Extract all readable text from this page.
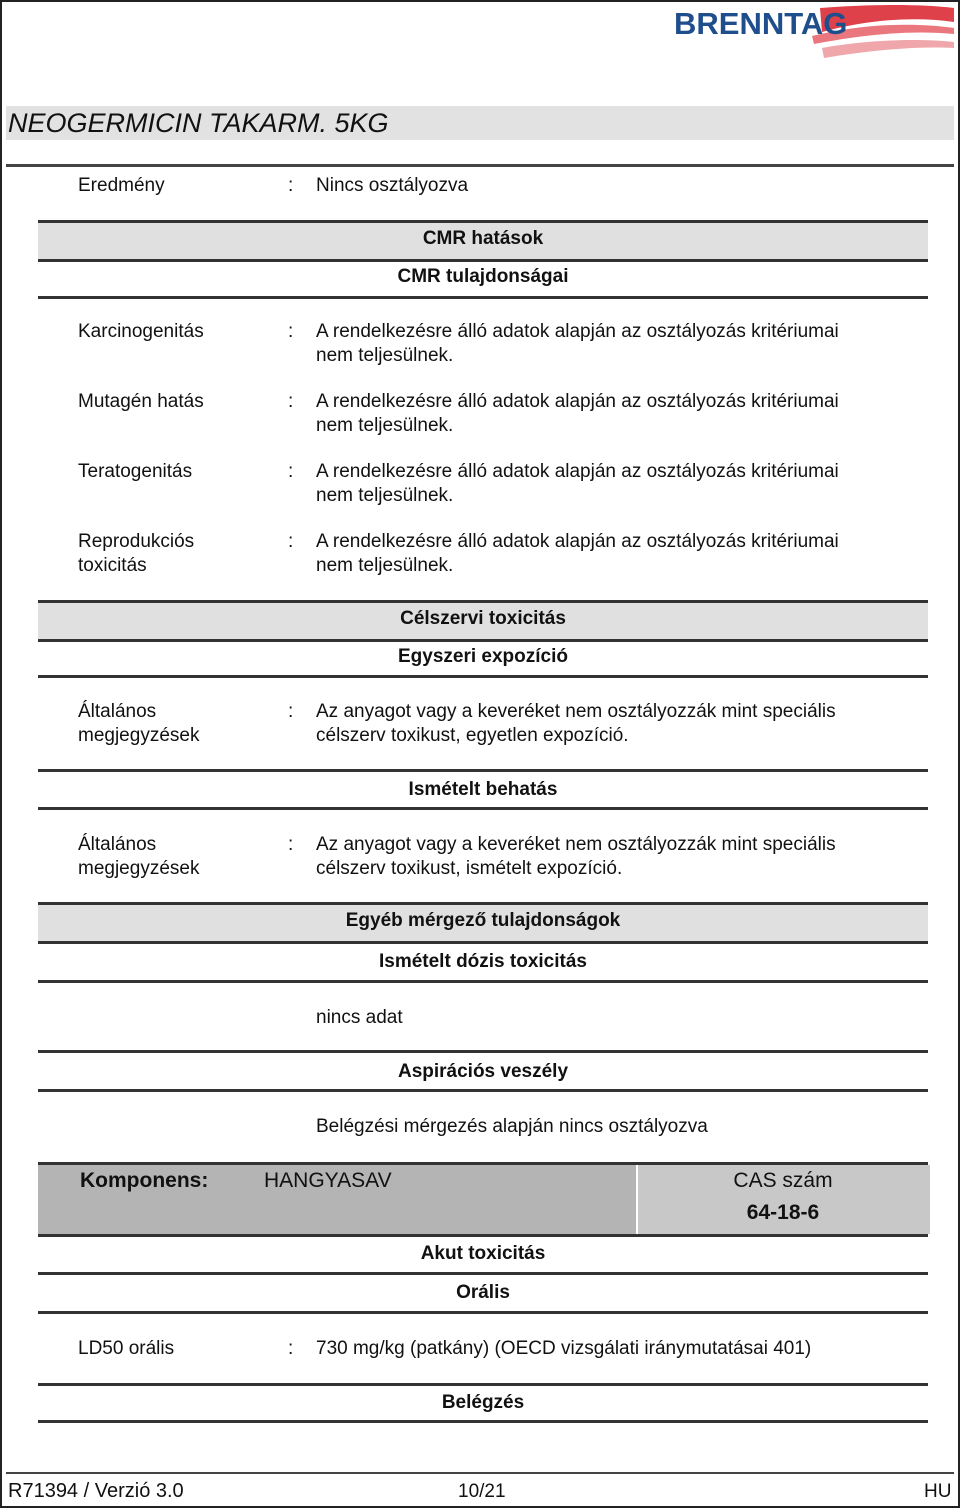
BRENNTAG
NEOGERMICIN TAKARM. 5KG
Eredmény	: Nincs osztályozva
CMR hatások
CMR tulajdonságai
Karcinogenitás	: A rendelkezésre álló adatok alapján az osztályozás kritériumai
nem teljesülnek.
Mutagén hatás	: A rendelkezésre álló adatok alapján az osztályozás kritériumai
nem teljesülnek.
Teratogenitás	: A rendelkezésre álló adatok alapján az osztályozás kritériumai
nem teljesülnek.
Reprodukciós
toxicitás
: A rendelkezésre álló adatok alapján az osztályozás kritériumai
nem teljesülnek.
Célszervi toxicitás
Egyszeri expozíció
Általános
megjegyzések
: Az anyagot vagy a keveréket nem osztályozzák mint speciális
célszerv toxikust, egyetlen expozíció.
Ismételt behatás
Általános
megjegyzések
: Az anyagot vagy a keveréket nem osztályozzák mint speciális
célszerv toxikust, ismételt expozíció.
Egyéb mérgező tulajdonságok
Ismételt dózis toxicitás
nincs adat
Aspirációs veszély
Belégzési mérgezés alapján nincs osztályozva
Komponens:	HANGYASAV	CAS szám
64-18-6
Akut toxicitás
Orális
LD50 orális	: 730 mg/kg (patkány) (OECD vizsgálati iránymutatásai 401)
Belégzés
R71394 / Verzió 3.0	10/21	HU
